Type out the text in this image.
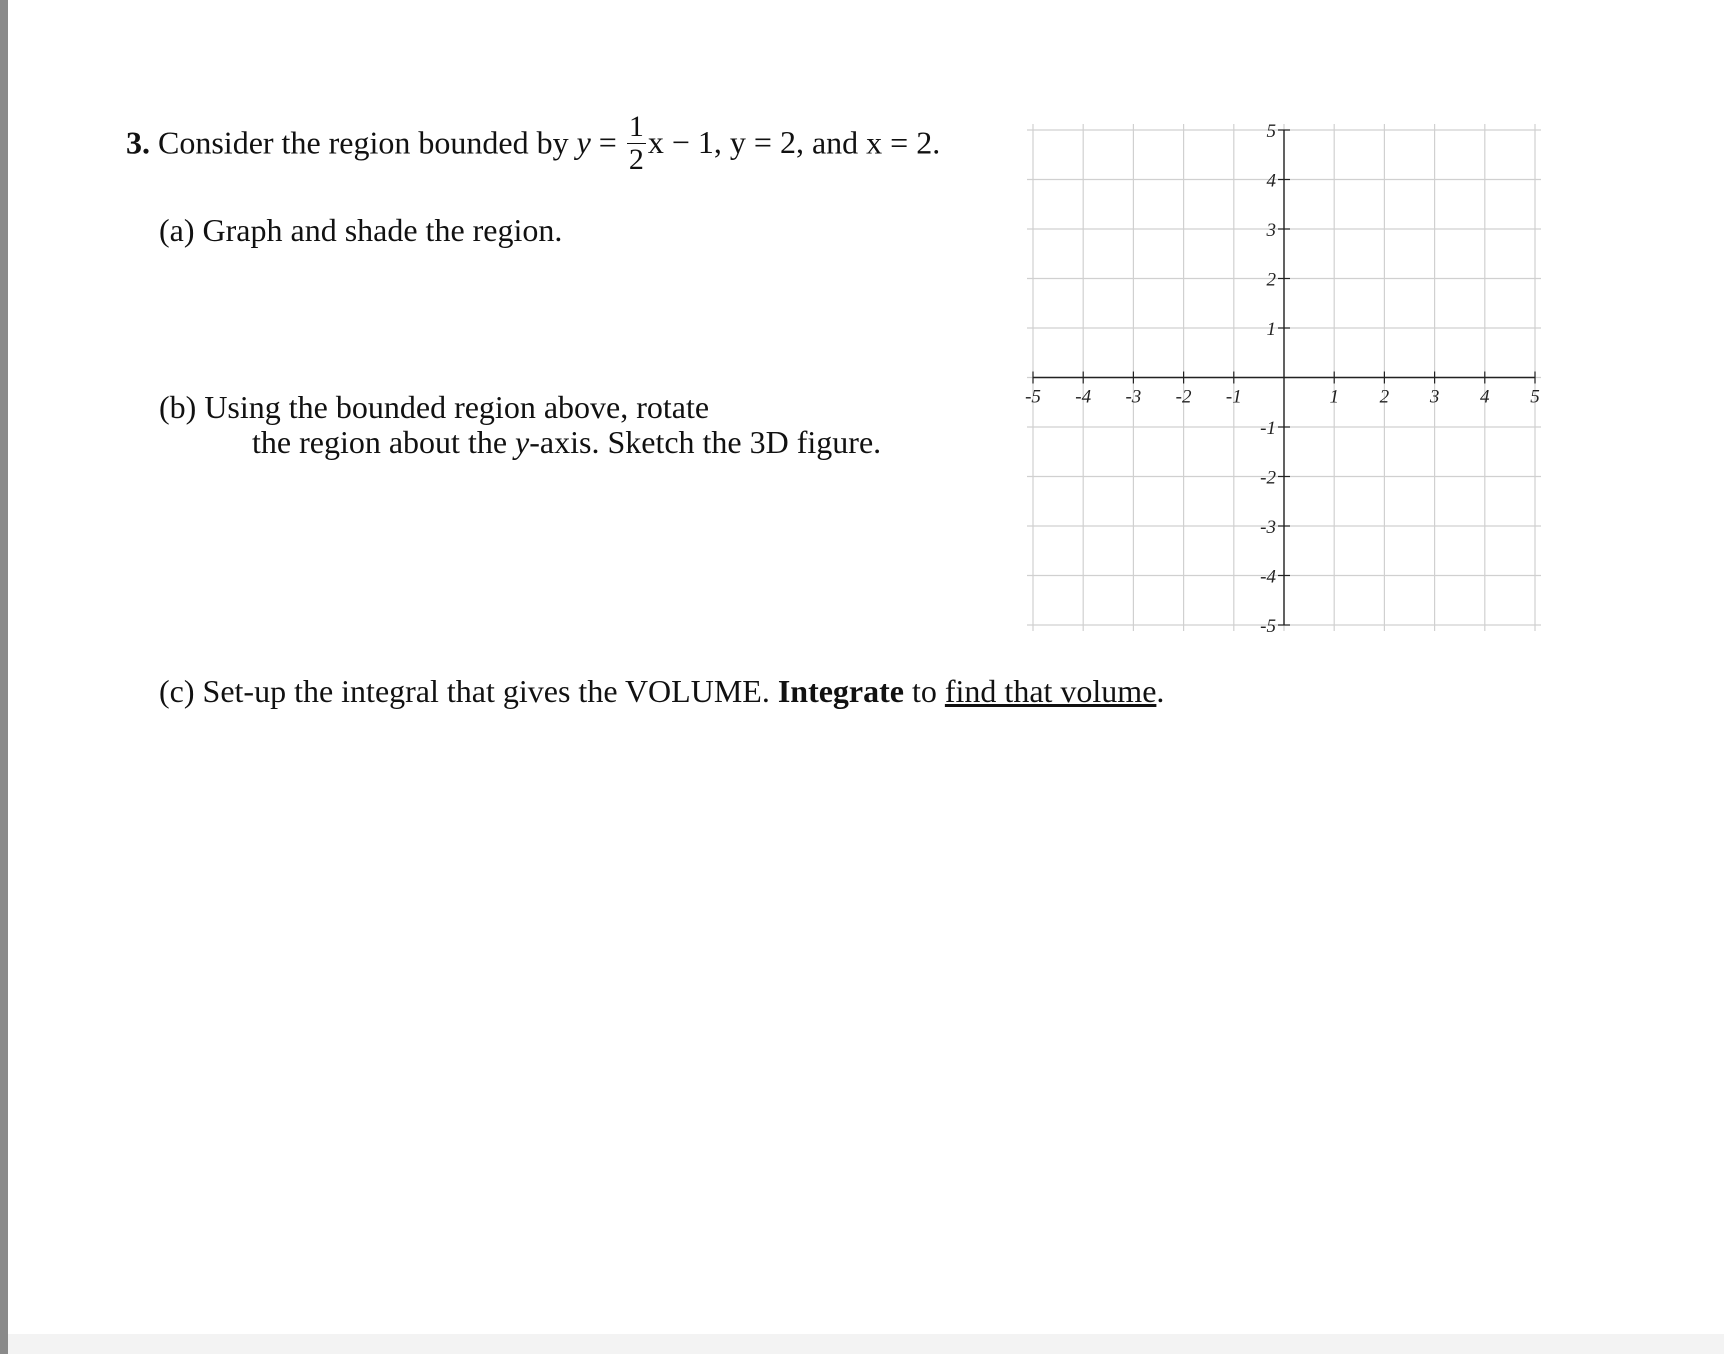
3. Consider the region bounded by $y = \frac{1}{2}$ x − 1, y = 2, and x = 2.
(a) Graph and shade the region.
(b) Using the bounded region above, rotate
the region about the y-axis. Sketch the 3D figure.
(c) Set-up the integral that gives the VOLUME. Integrate to find that volume.
-5 -4 -3 -2 -1	1 2 3 4 5
5
4
3
2
1
-1
-2
-3
-4
-5
